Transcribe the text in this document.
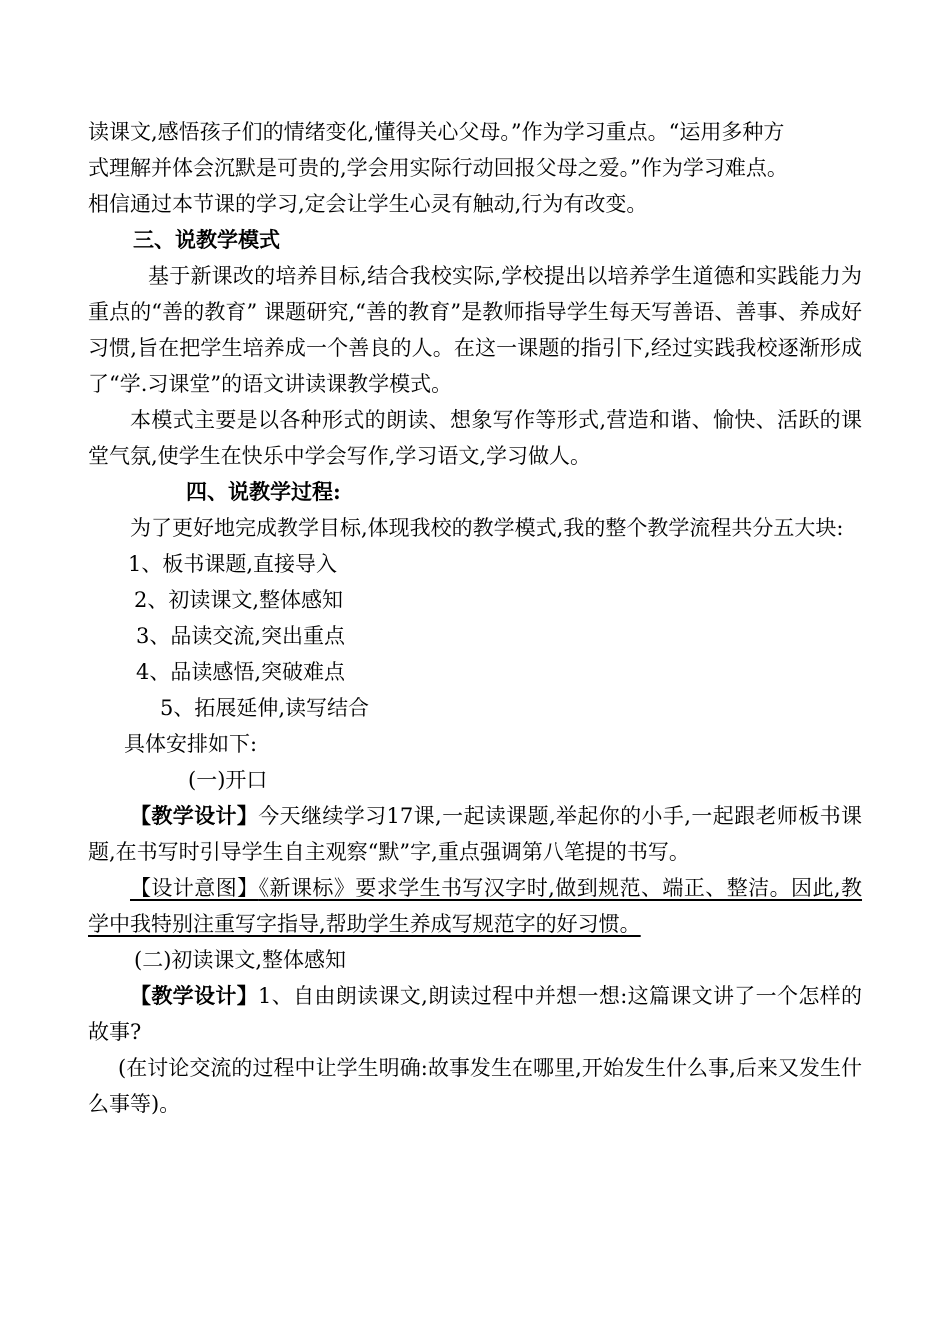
读课文,感悟孩子们的情绪变化,懂得关心父母。”作为学习重点。“运用多种方
式理解并体会沉默是可贵的,学会用实际行动回报父母之爱。”作为学习难点。
相信通过本节课的学习,定会让学生心灵有触动,行为有改变。

三、说教学模式

基于新课改的培养目标,结合我校实际,学校提出以培养学生道德和实践能力为重点的“善的教育” 课题研究,“善的教育”是教师指导学生每天写善语、善事、养成好习惯,旨在把学生培养成一个善良的人。在这一课题的指引下,经过实践我校逐渐形成了“学.习课堂”的语文讲读课教学模式。

本模式主要是以各种形式的朗读、想象写作等形式,营造和谐、愉快、活跃的课堂气氛,使学生在快乐中学会写作,学习语文,学习做人。

四、说教学过程:

为了更好地完成教学目标,体现我校的教学模式,我的整个教学流程共分五大块:

1、板书课题,直接导入
2、初读课文,整体感知
3、品读交流,突出重点
4、品读感悟,突破难点
5、拓展延伸,读写结合

具体安排如下:

(一)开口

【教学设计】今天继续学习17课,一起读课题,举起你的小手,一起跟老师板书课题,在书写时引导学生自主观察“默”字,重点强调第八笔提的书写。

【设计意图】《新课标》要求学生书写汉字时,做到规范、端正、整洁。因此,教学中我特别注重写字指导,帮助学生养成写规范字的好习惯。

(二)初读课文,整体感知

【教学设计】1、自由朗读课文,朗读过程中并想一想:这篇课文讲了一个怎样的故事?

(在讨论交流的过程中让学生明确:故事发生在哪里,开始发生什么事,后来又发生什么事等)。
